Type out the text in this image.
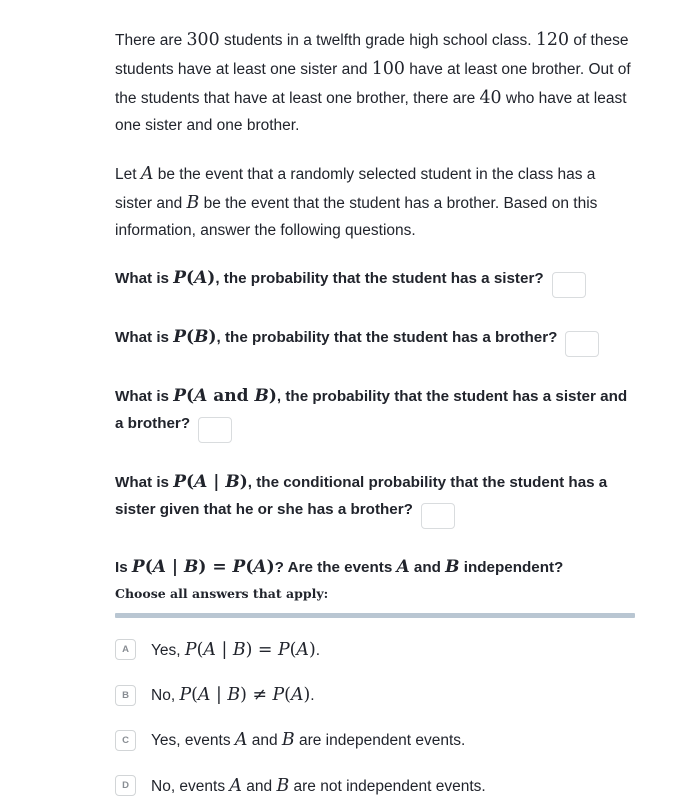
There are 300 students in a twelfth grade high school class. 120 of these students have at least one sister and 100 have at least one brother. Out of the students that have at least one brother, there are 40 who have at least one sister and one brother.

Let A be the event that a randomly selected student in the class has a sister and B be the event that the student has a brother. Based on this information, answer the following questions.

What is P(A), the probability that the student has a sister?

What is P(B), the probability that the student has a brother?

What is P(A and B), the probability that the student has a sister and a brother?

What is P(A | B), the conditional probability that the student has a sister given that he or she has a brother?

Is P(A | B) = P(A)? Are the events A and B independent?

Choose all answers that apply:
A	Yes, P(A | B) = P(A).
B	No, P(A | B) ≠ P(A).
C	Yes, events A and B are independent events.
D	No, events A and B are not independent events.
